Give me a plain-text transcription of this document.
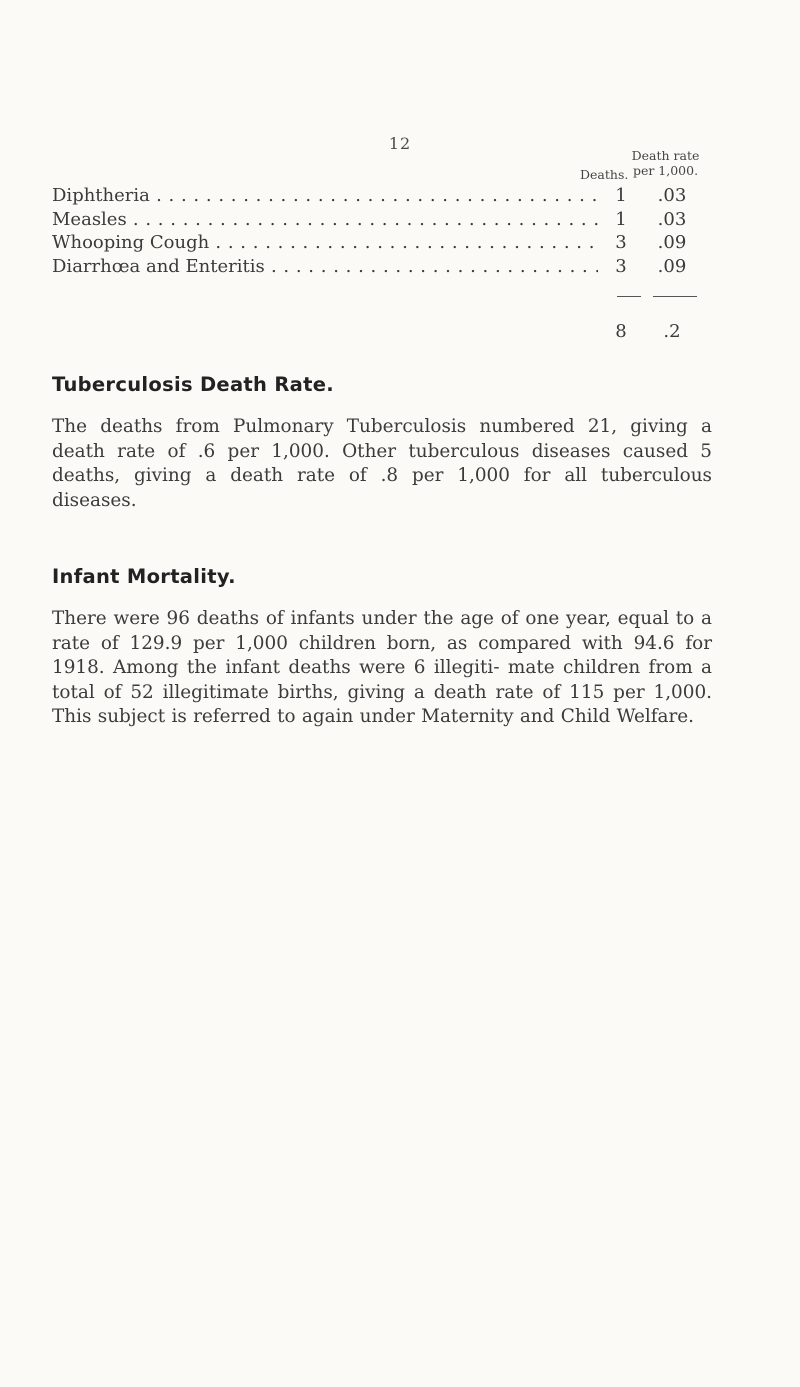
12
Deaths.
Death rate
per 1,000.
Diphtheria . . .	1	.03
Measles . . .	1	.03
Whooping Cough . . .	3	.09
Diarrhœa and Enteritis . . .	3	.09
8	.2
Tuberculosis Death Rate.

The deaths from Pulmonary Tuberculosis numbered 21, giving a death rate of .6 per 1,000. Other tuberculous diseases caused 5 deaths, giving a death rate of .8 per 1,000 for all tuberculous diseases.

Infant Mortality.

There were 96 deaths of infants under the age of one year, equal to a rate of 129.9 per 1,000 children born, as compared with 94.6 for 1918. Among the infant deaths were 6 illegiti- mate children from a total of 52 illegitimate births, giving a death rate of 115 per 1,000. This subject is referred to again under Maternity and Child Welfare.
